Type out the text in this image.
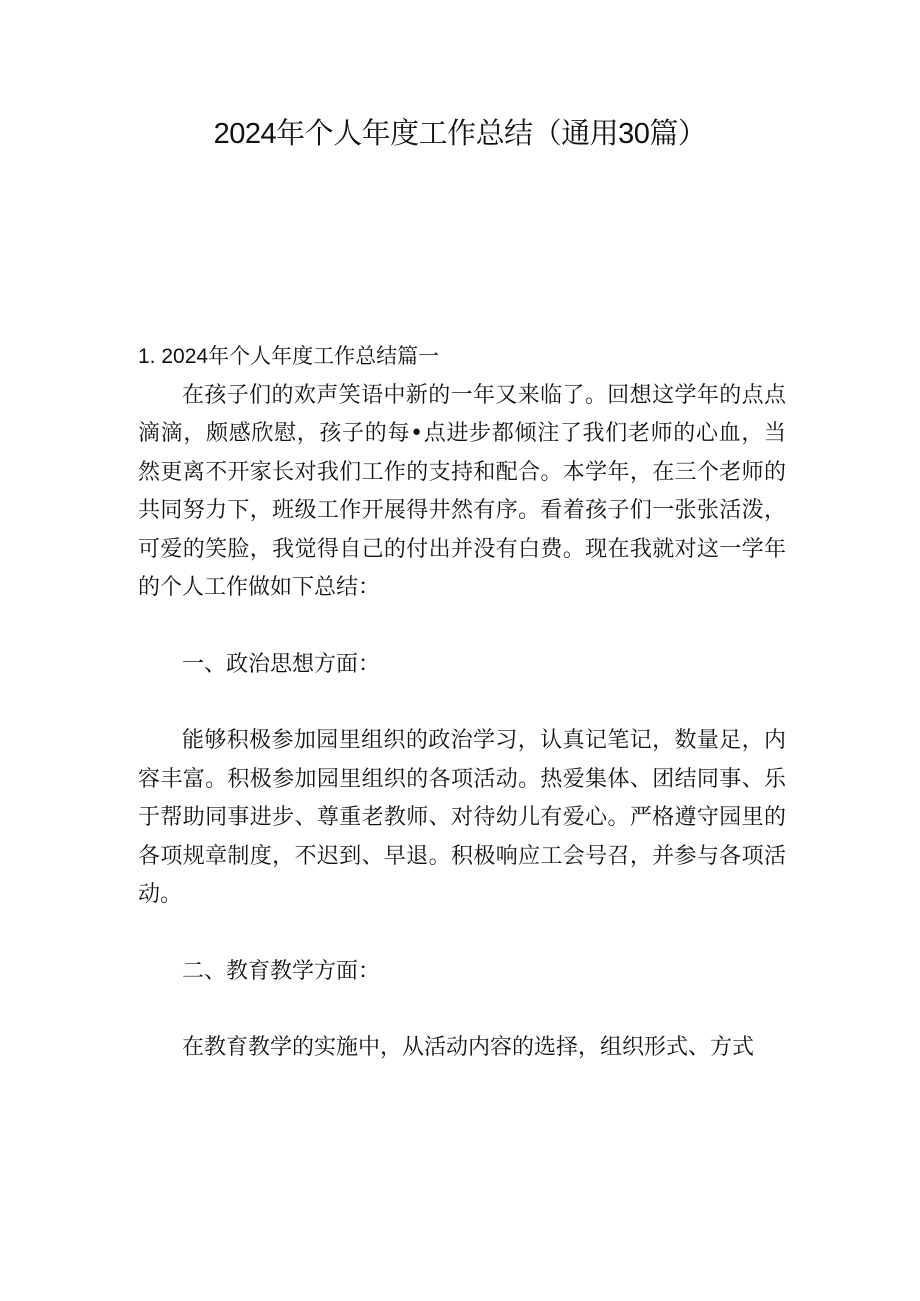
2024年个人年度工作总结（通用30篇）

1. 2024年个人年度工作总结篇一

在孩子们的欢声笑语中新的一年又来临了。回想这学年的点点滴滴，颇感欣慰，孩子的每•点进步都倾注了我们老师的心血，当然更离不开家长对我们工作的支持和配合。本学年，在三个老师的共同努力下，班级工作开展得井然有序。看着孩子们一张张活泼，可爱的笑脸，我觉得自己的付出并没有白费。现在我就对这一学年的个人工作做如下总结：

一、政治思想方面：

能够积极参加园里组织的政治学习，认真记笔记，数量足，内容丰富。积极参加园里组织的各项活动。热爱集体、团结同事、乐于帮助同事进步、尊重老教师、对待幼儿有爱心。严格遵守园里的各项规章制度，不迟到、早退。积极响应工会号召，并参与各项活动。

二、教育教学方面：

在教育教学的实施中，从活动内容的选择，组织形式、方式
